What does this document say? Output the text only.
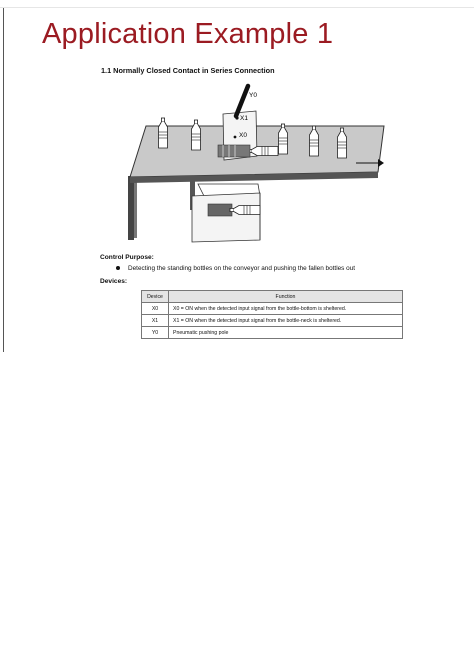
Application Example 1
1.1 Normally Closed Contact in Series Connection
Y0
X1
X0
Control Purpose:
Detecting the standing bottles on the conveyor and pushing the fallen bottles out
Devices:
Device	Function
X0	X0 = ON when the detected input signal from the bottle-bottom is sheltered.
X1	X1 = ON when the detected input signal from the bottle-neck is sheltered.
Y0	Pneumatic pushing pole
